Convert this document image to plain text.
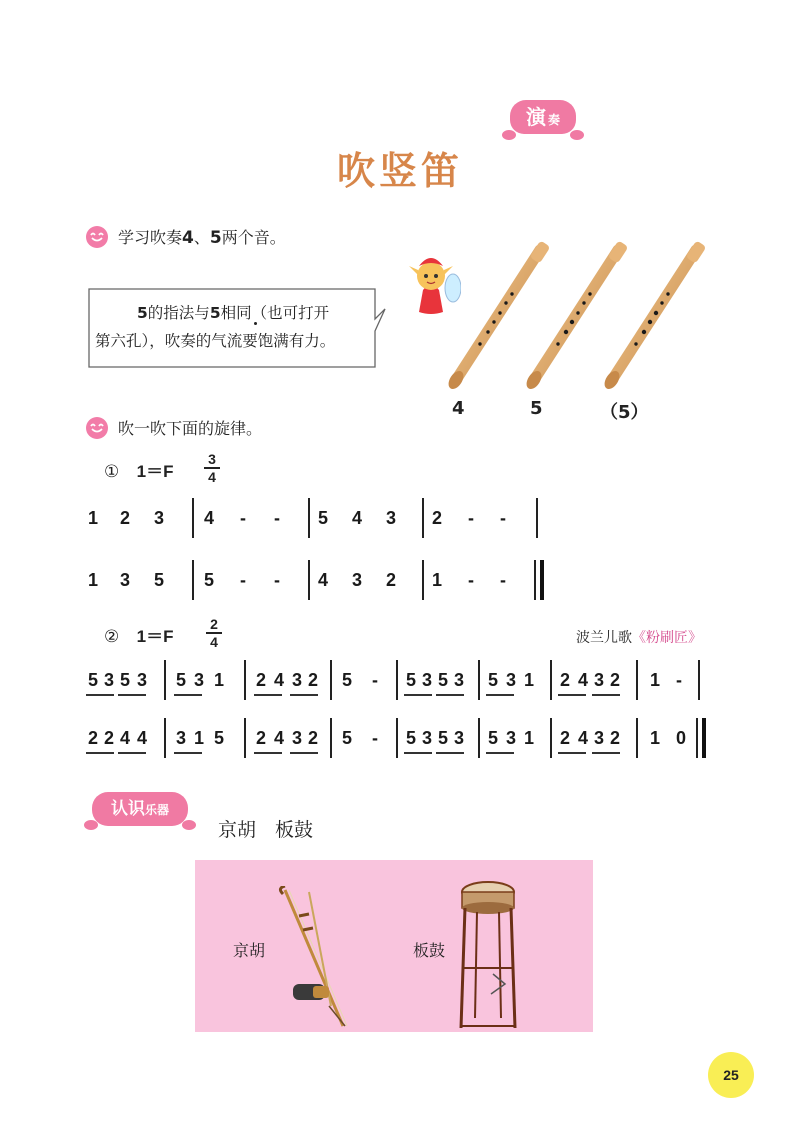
演奏
吹竖笛
学习吹奏4、5两个音。
5的指法与5相同（也可打开
第六孔），吹奏的气流要饱满有力。
4	5	（5）
吹一吹下面的旋律。
① 1＝F
3
4
1 2 3 4 - - 5 4 3 2 - -
1 3 5 5 - - 4 3 2 1 - -
② 1＝F
2
4	波兰儿歌《粉刷匠》
5 3 5 3 5 3 1 2 4 3 2 5 - 5 3 5 3 5 3 1 2 4 3 2 1 -
2 2 4 4 3 1 5 2 4 3 2 5 - 5 3 5 3 5 3 1 2 4 3 2 1 0
认识乐器
京胡　板鼓
京胡	板鼓
25
